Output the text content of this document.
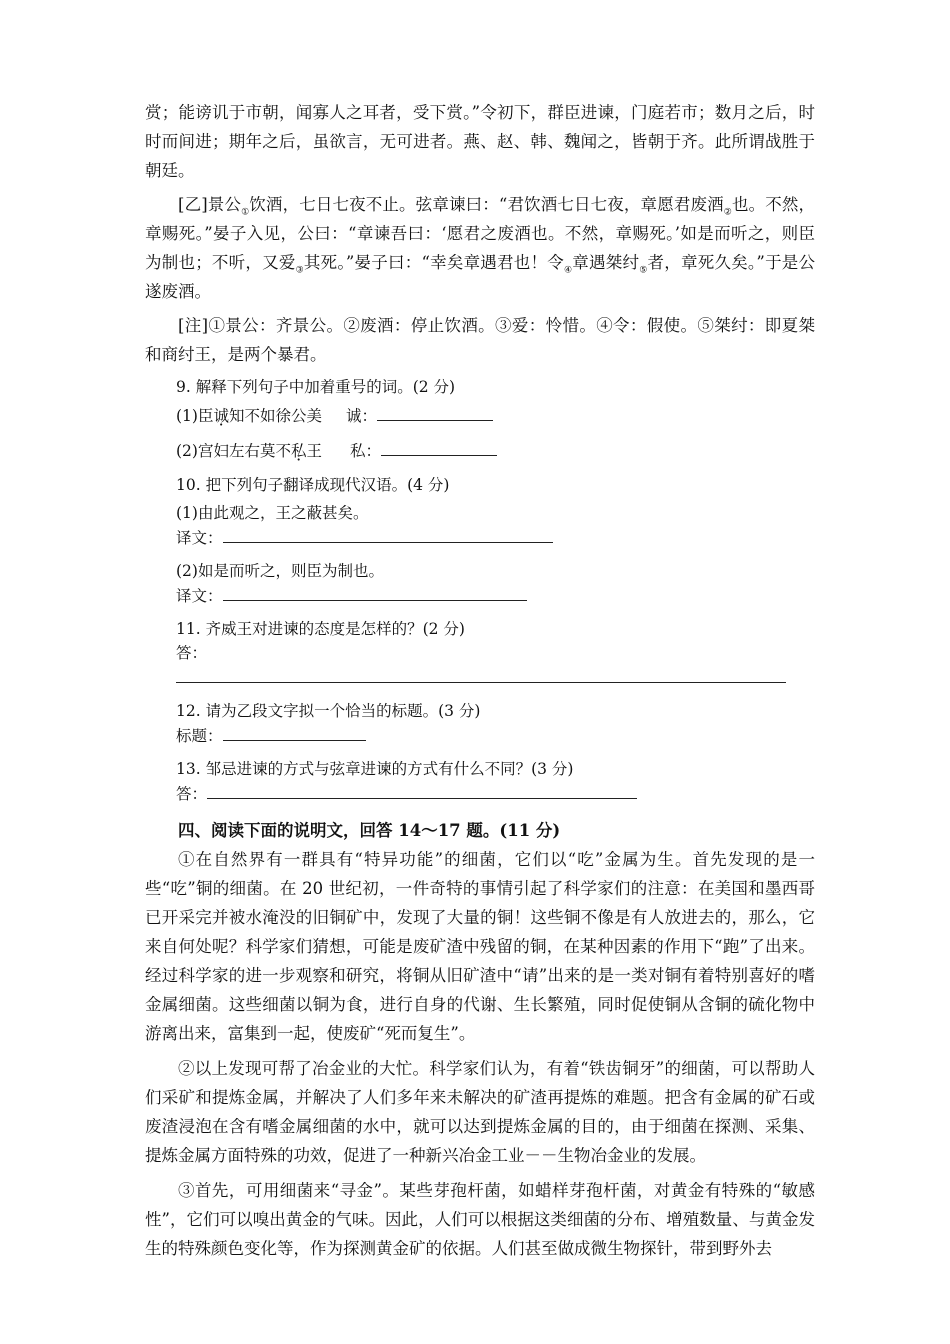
赏；能谤讥于市朝，闻寡人之耳者，受下赏。”令初下，群臣进谏，门庭若市；数月之后，时时而间进；期年之后，虽欲言，无可进者。燕、赵、韩、魏闻之，皆朝于齐。此所谓战胜于朝廷。

[乙]景公$_①$饮酒，七日七夜不止。弦章谏曰：“君饮酒七日七夜，章愿君废酒$_②$也。不然，章赐死。”晏子入见，公曰：“章谏吾曰：‘愿君之废酒也。不然，章赐死。’如是而听之，则臣为制也；不听，又爱$_③$其死。”晏子曰：“幸矣章遇君也！令$_④$章遇桀纣$_⑤$者，章死久矣。”于是公遂废酒。

[注]①景公：齐景公。②废酒：停止饮酒。③爱：怜惜。④令：假使。⑤桀纣：即夏桀和商纣王，是两个暴君。

9. 解释下列句子中加着重号的词。(2 分)

(1)臣诚知不如徐公美 诚：

(2)宫妇左右莫不私王 私：

10. 把下列句子翻译成现代汉语。(4 分)

(1)由此观之，王之蔽甚矣。

译文：

(2)如是而听之，则臣为制也。

译文：

11. 齐威王对进谏的态度是怎样的？(2 分)

答：

12. 请为乙段文字拟一个恰当的标题。(3 分)

标题：

13. 邹忌进谏的方式与弦章进谏的方式有什么不同？(3 分)

答：

四、阅读下面的说明文，回答 14～17 题。(11 分)

①在自然界有一群具有“特异功能”的细菌，它们以“吃”金属为生。首先发现的是一些“吃”铜的细菌。在 20 世纪初，一件奇特的事情引起了科学家们的注意：在美国和墨西哥已开采完并被水淹没的旧铜矿中，发现了大量的铜！这些铜不像是有人放进去的，那么，它来自何处呢？科学家们猜想，可能是废矿渣中残留的铜，在某种因素的作用下“跑”了出来。经过科学家的进一步观察和研究，将铜从旧矿渣中“请”出来的是一类对铜有着特别喜好的嗜金属细菌。这些细菌以铜为食，进行自身的代谢、生长繁殖，同时促使铜从含铜的硫化物中游离出来，富集到一起，使废矿“死而复生”。

②以上发现可帮了冶金业的大忙。科学家们认为，有着“铁齿铜牙”的细菌，可以帮助人们采矿和提炼金属，并解决了人们多年来未解决的矿渣再提炼的难题。把含有金属的矿石或废渣浸泡在含有嗜金属细菌的水中，就可以达到提炼金属的目的，由于细菌在探测、采集、提炼金属方面特殊的功效，促进了一种新兴冶金工业－－生物冶金业的发展。

③首先，可用细菌来“寻金”。某些芽孢杆菌，如蜡样芽孢杆菌，对黄金有特殊的“敏感性”，它们可以嗅出黄金的气味。因此，人们可以根据这类细菌的分布、增殖数量、与黄金发生的特殊颜色变化等，作为探测黄金矿的依据。人们甚至做成微生物探针，带到野外去
